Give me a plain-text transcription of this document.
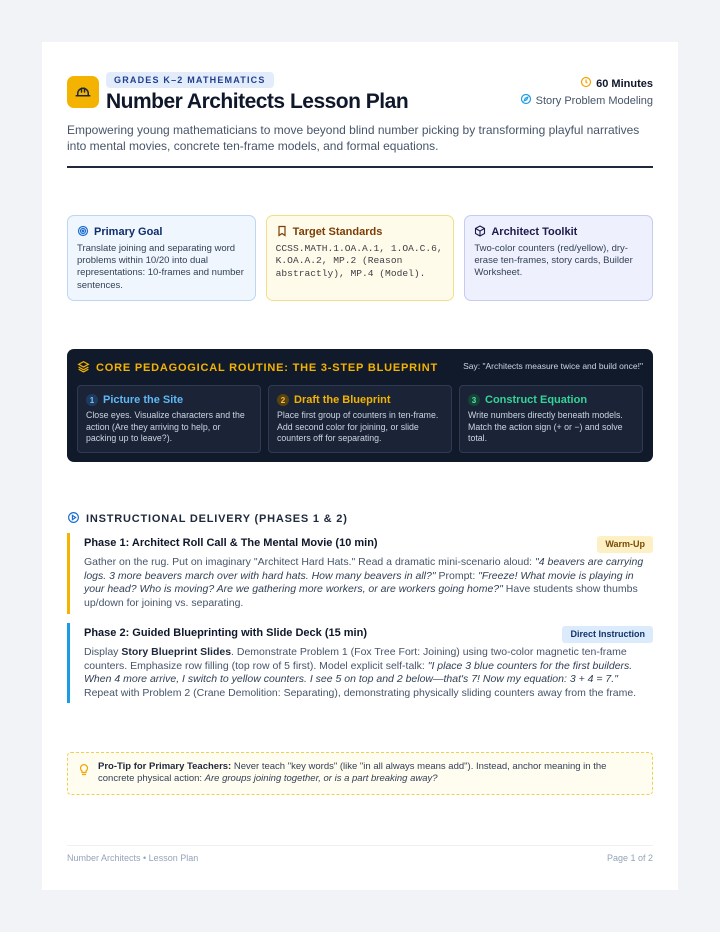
GRADES K–2 MATHEMATICS
Number Architects Lesson Plan
60 Minutes
Story Problem Modeling
Empowering young mathematicians to move beyond blind number picking by transforming playful narratives into mental movies, concrete ten-frame models, and formal equations.
Primary Goal
Translate joining and separating word problems within 10/20 into dual representations: 10-frames and number sentences.
Target Standards
CCSS.MATH.1.OA.A.1, 1.OA.C.6, K.OA.A.2, MP.2 (Reason abstractly), MP.4 (Model).
Architect Toolkit
Two-color counters (red/yellow), dry-erase ten-frames, story cards, Builder Worksheet.
CORE PEDAGOGICAL ROUTINE: THE 3-STEP BLUEPRINT	Say: "Architects measure twice and build once!"
1 Picture the Site
Close eyes. Visualize characters and the action (Are they arriving to help, or packing up to leave?).
2 Draft the Blueprint
Place first group of counters in ten-frame. Add second color for joining, or slide counters off for separating.
3 Construct Equation
Write numbers directly beneath models. Match the action sign (+ or −) and solve total.
INSTRUCTIONAL DELIVERY (PHASES 1 & 2)
Phase 1: Architect Roll Call & The Mental Movie (10 min)	Warm-Up
Gather on the rug. Put on imaginary "Architect Hard Hats." Read a dramatic mini-scenario aloud: "4 beavers are carrying logs. 3 more beavers march over with hard hats. How many beavers in all?" Prompt: "Freeze! What movie is playing in your head? Who is moving? Are we gathering more workers, or are workers going home?" Have students show thumbs up/down for joining vs. separating.
Phase 2: Guided Blueprinting with Slide Deck (15 min)	Direct Instruction
Display Story Blueprint Slides. Demonstrate Problem 1 (Fox Tree Fort: Joining) using two-color magnetic ten-frame counters. Emphasize row filling (top row of 5 first). Model explicit self-talk: "I place 3 blue counters for the first builders. When 4 more arrive, I switch to yellow counters. I see 5 on top and 2 below—that's 7! Now my equation: 3 + 4 = 7." Repeat with Problem 2 (Crane Demolition: Separating), demonstrating physically sliding counters away from the frame.
Pro-Tip for Primary Teachers: Never teach "key words" (like "in all always means add"). Instead, anchor meaning in the concrete physical action: Are groups joining together, or is a part breaking away?
Number Architects • Lesson Plan	Page 1 of 2
